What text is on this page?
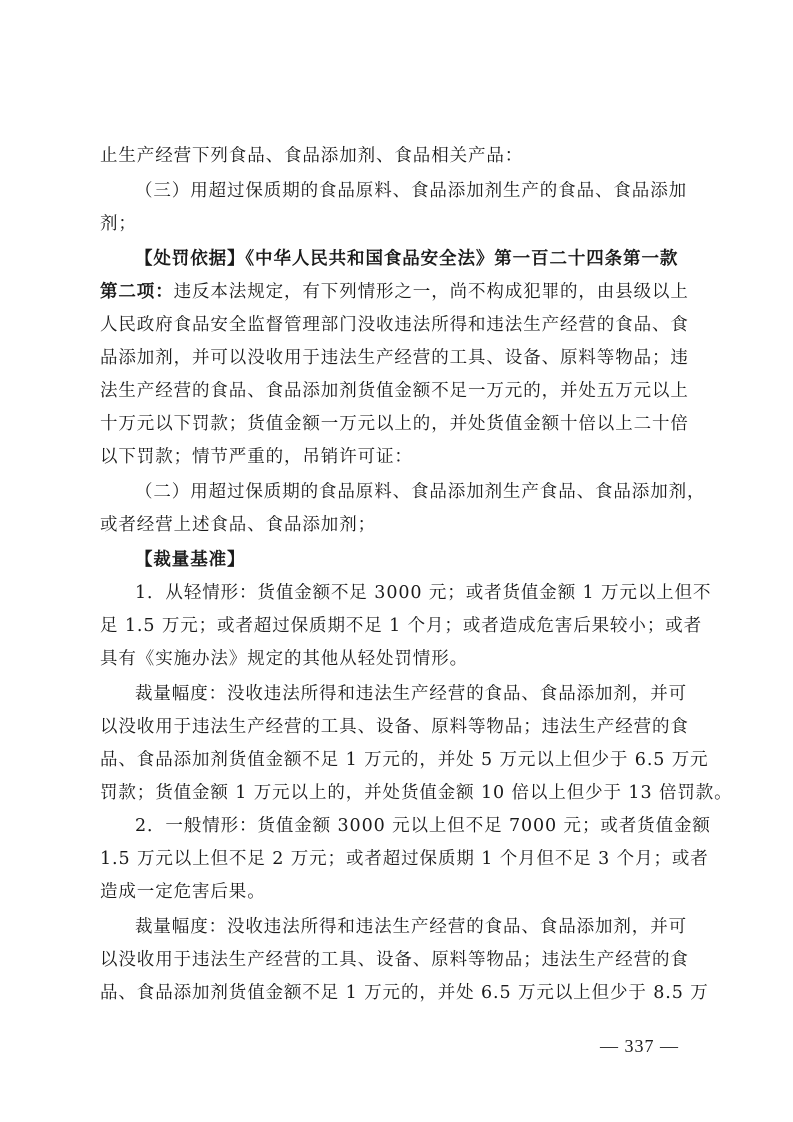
止生产经营下列食品、食品添加剂、食品相关产品：
（三）用超过保质期的食品原料、食品添加剂生产的食品、食品添加
剂；
【处罚依据】《中华人民共和国食品安全法》第一百二十四条第一款
第二项：违反本法规定，有下列情形之一，尚不构成犯罪的，由县级以上
人民政府食品安全监督管理部门没收违法所得和违法生产经营的食品、食
品添加剂，并可以没收用于违法生产经营的工具、设备、原料等物品；违
法生产经营的食品、食品添加剂货值金额不足一万元的，并处五万元以上
十万元以下罚款；货值金额一万元以上的，并处货值金额十倍以上二十倍
以下罚款；情节严重的，吊销许可证：
（二）用超过保质期的食品原料、食品添加剂生产食品、食品添加剂，
或者经营上述食品、食品添加剂；
【裁量基准】
1．从轻情形：货值金额不足 3000 元；或者货值金额 1 万元以上但不
足 1.5 万元；或者超过保质期不足 1 个月；或者造成危害后果较小；或者
具有《实施办法》规定的其他从轻处罚情形。
裁量幅度：没收违法所得和违法生产经营的食品、食品添加剂，并可
以没收用于违法生产经营的工具、设备、原料等物品；违法生产经营的食
品、食品添加剂货值金额不足 1 万元的，并处 5 万元以上但少于 6.5 万元
罚款；货值金额 1 万元以上的，并处货值金额 10 倍以上但少于 13 倍罚款。
2．一般情形：货值金额 3000 元以上但不足 7000 元；或者货值金额
1.5 万元以上但不足 2 万元；或者超过保质期 1 个月但不足 3 个月；或者
造成一定危害后果。
裁量幅度：没收违法所得和违法生产经营的食品、食品添加剂，并可
以没收用于违法生产经营的工具、设备、原料等物品；违法生产经营的食
品、食品添加剂货值金额不足 1 万元的，并处 6.5 万元以上但少于 8.5 万
— 337 —
